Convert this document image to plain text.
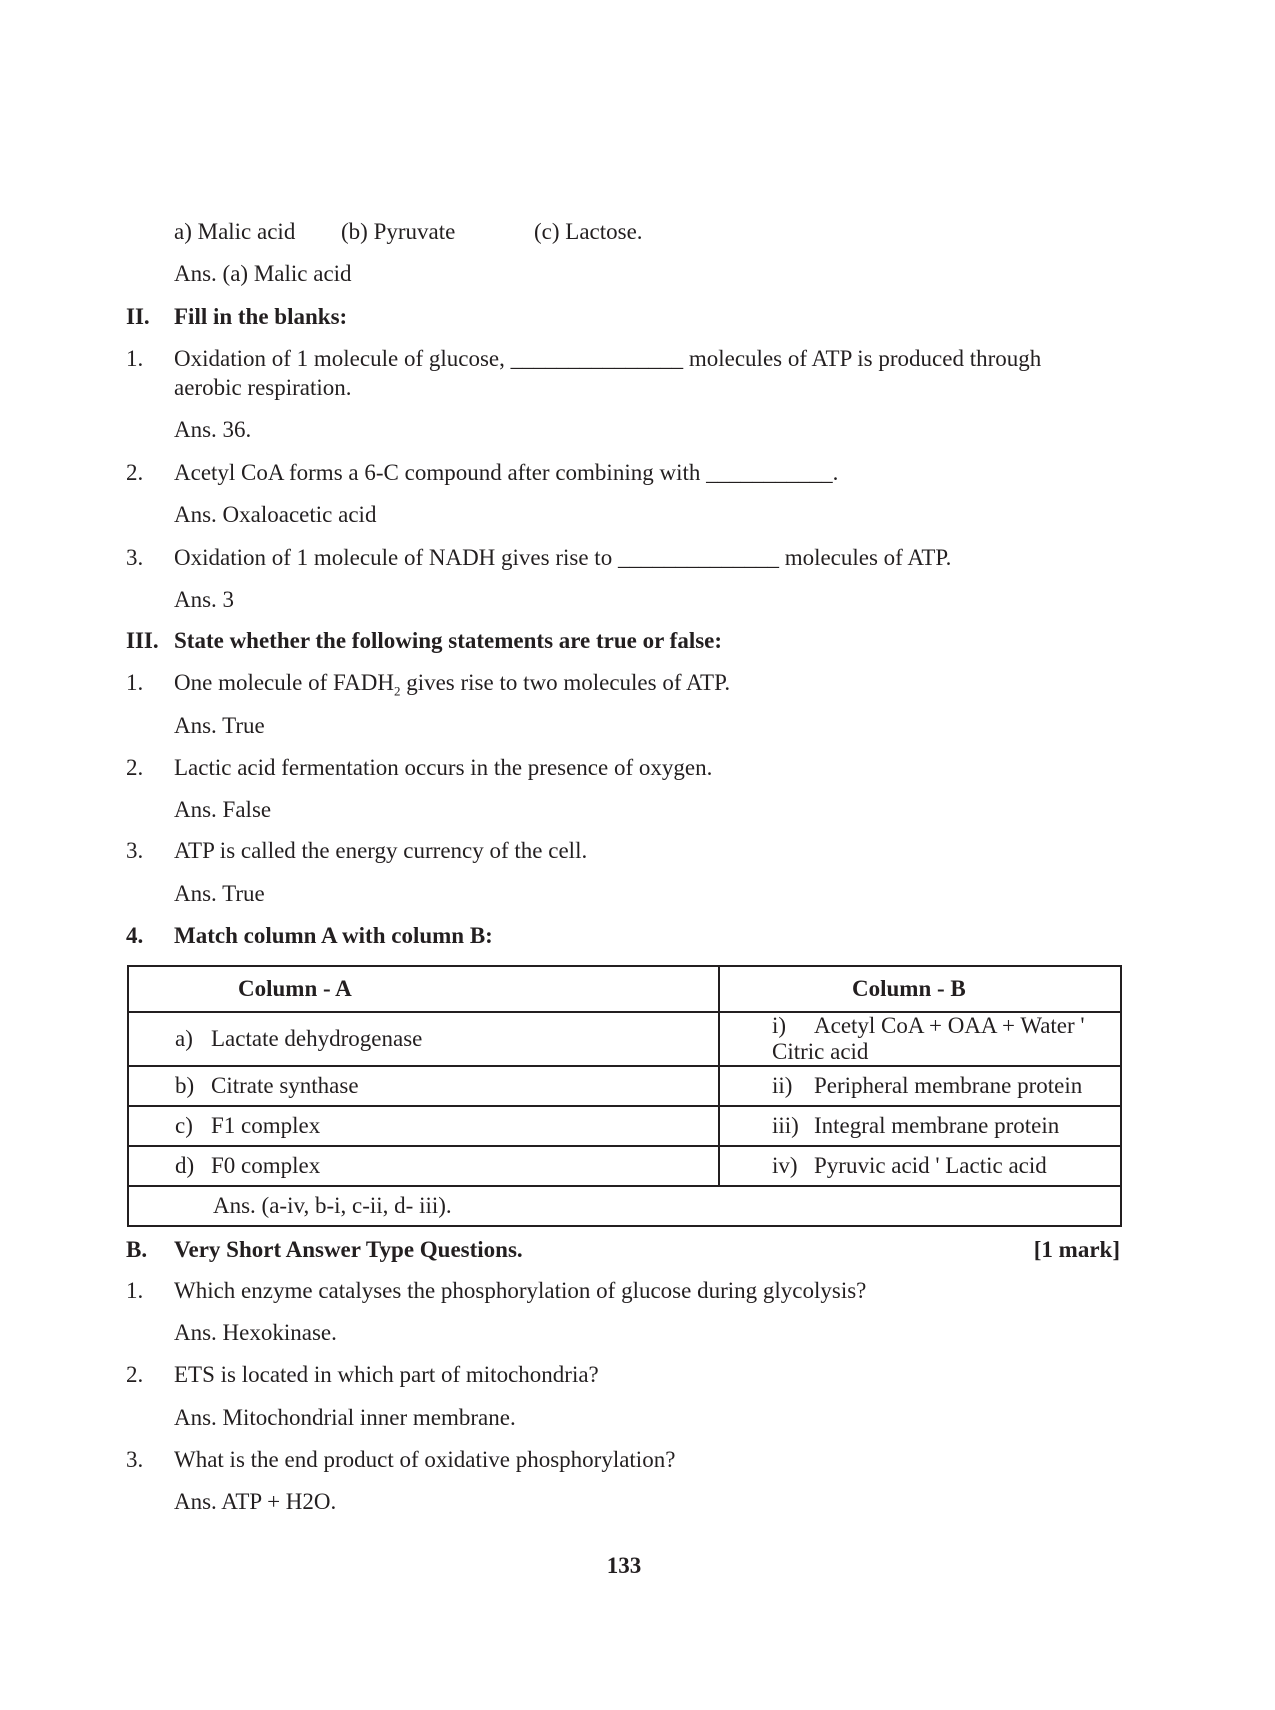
a) Malic acid (b) Pyruvate	(c) Lactose.
Ans. (a) Malic acid
II. Fill in the blanks:
1. Oxidation of 1 molecule of glucose, _______________ molecules of ATP is produced through
aerobic respiration.
Ans. 36.
2. Acetyl CoA forms a 6-C compound after combining with ___________.
Ans. Oxaloacetic acid
3. Oxidation of 1 molecule of NADH gives rise to ______________ molecules of ATP.
Ans. 3
III. State whether the following statements are true or false:
1. One molecule of $FADH_2$ gives rise to two molecules of ATP.
Ans. True
2. Lactic acid fermentation occurs in the presence of oxygen.
Ans. False
3. ATP is called the energy currency of the cell.
Ans. True
4. Match column A with column B:
Column - A	Column - B
a) Lactate dehydrogenase	i) Acetyl CoA + OAA + Water ' Citric acid
b) Citrate synthase	ii) Peripheral membrane protein
c) F1 complex	iii) Integral membrane protein
d) F0 complex	iv) Pyruvic acid ' Lactic acid
Ans. (a-iv, b-i, c-ii, d- iii).	
B. Very Short Answer Type Questions.	[1 mark]
1. Which enzyme catalyses the phosphorylation of glucose during glycolysis?
Ans. Hexokinase.
2. ETS is located in which part of mitochondria?
Ans. Mitochondrial inner membrane.
3. What is the end product of oxidative phosphorylation?
Ans. ATP + H2O.
133
